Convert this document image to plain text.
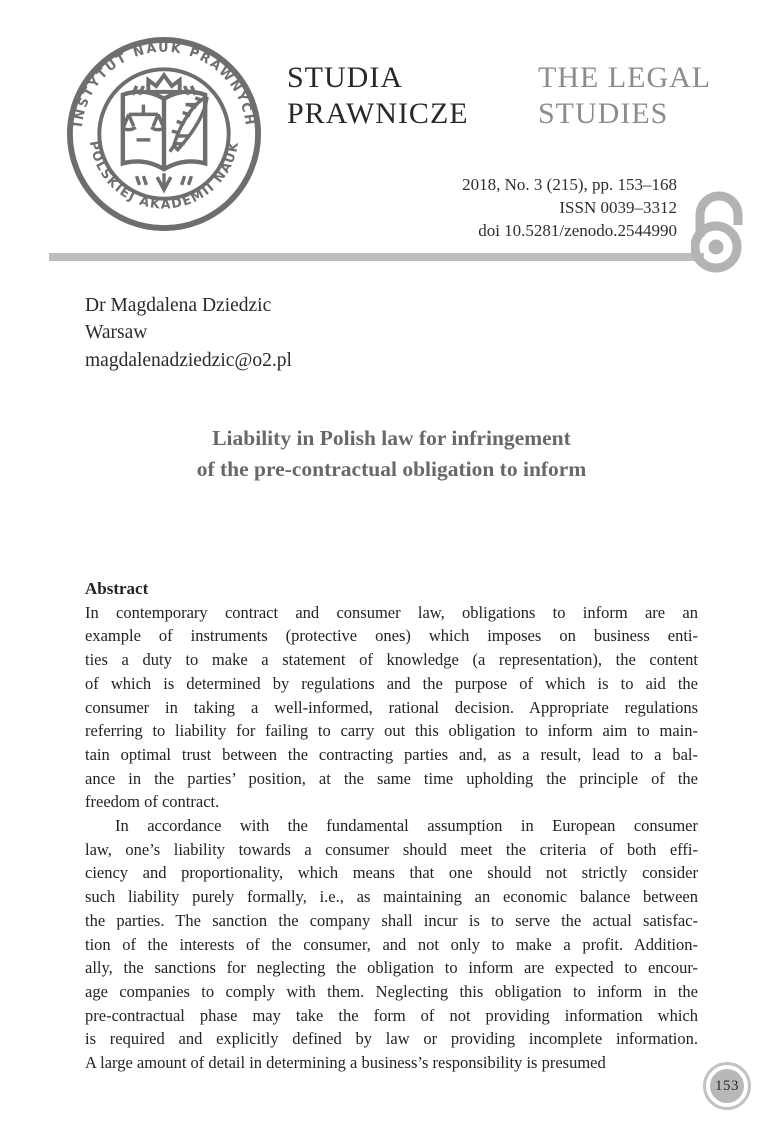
INSTYTUT NAUK PRAWNYCH
POLSKIEJ AKADEMII NAUK
STUDIA
PRAWNICZE
THE LEGAL
STUDIES
2018, No. 3 (215), pp. 153–168
ISSN 0039–3312
doi 10.5281/zenodo.2544990
Dr Magdalena Dziedzic
Warsaw
magdalenadziedzic@o2.pl
Liability in Polish law for infringement
of the pre-contractual obligation to inform
Abstract
In contemporary contract and consumer law, obligations to inform are an
example of instruments (protective ones) which imposes on business enti-
ties a duty to make a statement of knowledge (a representation), the content
of which is determined by regulations and the purpose of which is to aid the
consumer in taking a well-informed, rational decision. Appropriate regulations
referring to liability for failing to carry out this obligation to inform aim to main-
tain optimal trust between the contracting parties and, as a result, lead to a bal-
ance in the parties’ position, at the same time upholding the principle of the
freedom of contract.
In accordance with the fundamental assumption in European consumer
law, one’s liability towards a consumer should meet the criteria of both effi-
ciency and proportionality, which means that one should not strictly consider
such liability purely formally, i.e., as maintaining an economic balance between
the parties. The sanction the company shall incur is to serve the actual satisfac-
tion of the interests of the consumer, and not only to make a profit. Addition-
ally, the sanctions for neglecting the obligation to inform are expected to encour-
age companies to comply with them. Neglecting this obligation to inform in the
pre-contractual phase may take the form of not providing information which
is required and explicitly defined by law or providing incomplete information.
A large amount of detail in determining a business’s responsibility is presumed
153
